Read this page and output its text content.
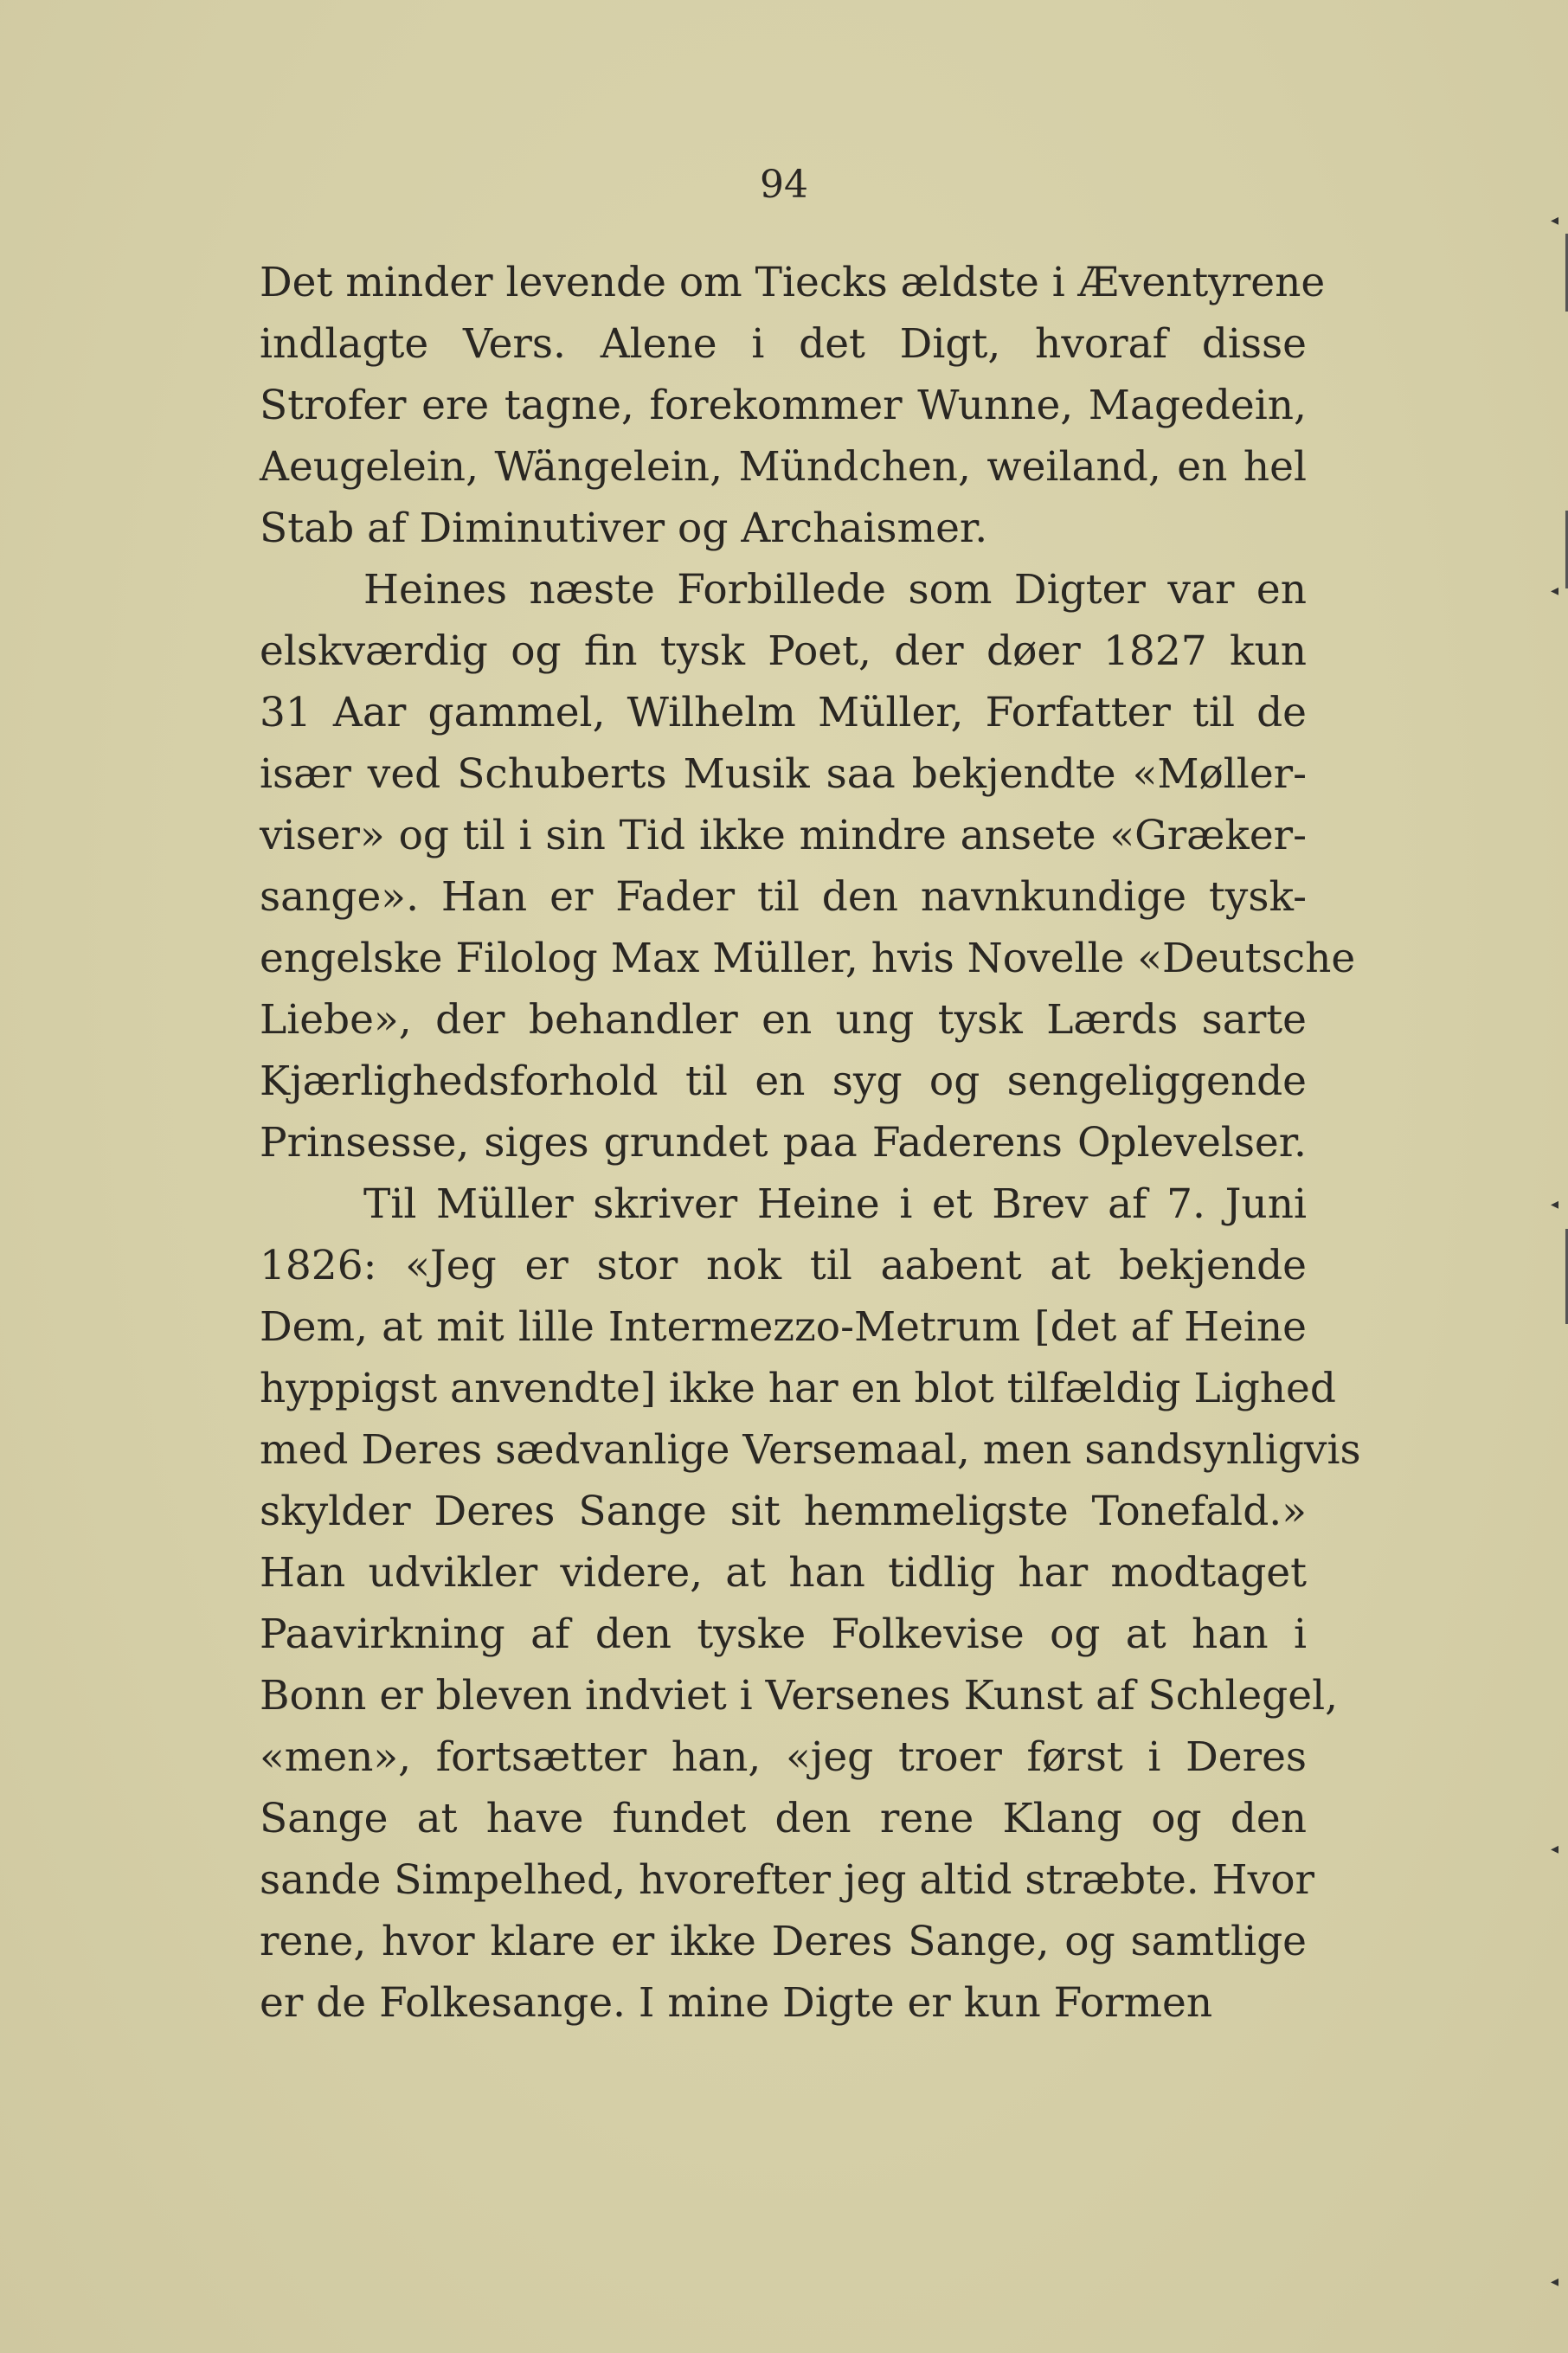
94
Det minder levende om Tiecks ældste i Æventyrene
indlagte Vers. Alene i det Digt, hvoraf disse
Strofer ere tagne, forekommer Wunne, Magedein,
Aeugelein, Wängelein, Mündchen, weiland, en hel
Stab af Diminutiver og Archaismer.
Heines næste Forbillede som Digter var en
elskværdig og fin tysk Poet, der døer 1827 kun
31 Aar gammel, Wilhelm Müller, Forfatter til de
især ved Schuberts Musik saa bekjendte «Møller-
viser» og til i sin Tid ikke mindre ansete «Græker-
sange». Han er Fader til den navnkundige tysk-
engelske Filolog Max Müller, hvis Novelle «Deutsche
Liebe», der behandler en ung tysk Lærds sarte
Kjærlighedsforhold til en syg og sengeliggende
Prinsesse, siges grundet paa Faderens Oplevelser.
Til Müller skriver Heine i et Brev af 7. Juni
1826: «Jeg er stor nok til aabent at bekjende
Dem, at mit lille Intermezzo-Metrum [det af Heine
hyppigst anvendte] ikke har en blot tilfældig Lighed
med Deres sædvanlige Versemaal, men sandsynligvis
skylder Deres Sange sit hemmeligste Tonefald.»
Han udvikler videre, at han tidlig har modtaget
Paavirkning af den tyske Folkevise og at han i
Bonn er bleven indviet i Versenes Kunst af Schlegel,
«men», fortsætter han, «jeg troer først i Deres
Sange at have fundet den rene Klang og den
sande Simpelhed, hvorefter jeg altid stræbte. Hvor
rene, hvor klare er ikke Deres Sange, og samtlige
er de Folkesange. I mine Digte er kun Formen
◂
◂
◂
◂
◂
